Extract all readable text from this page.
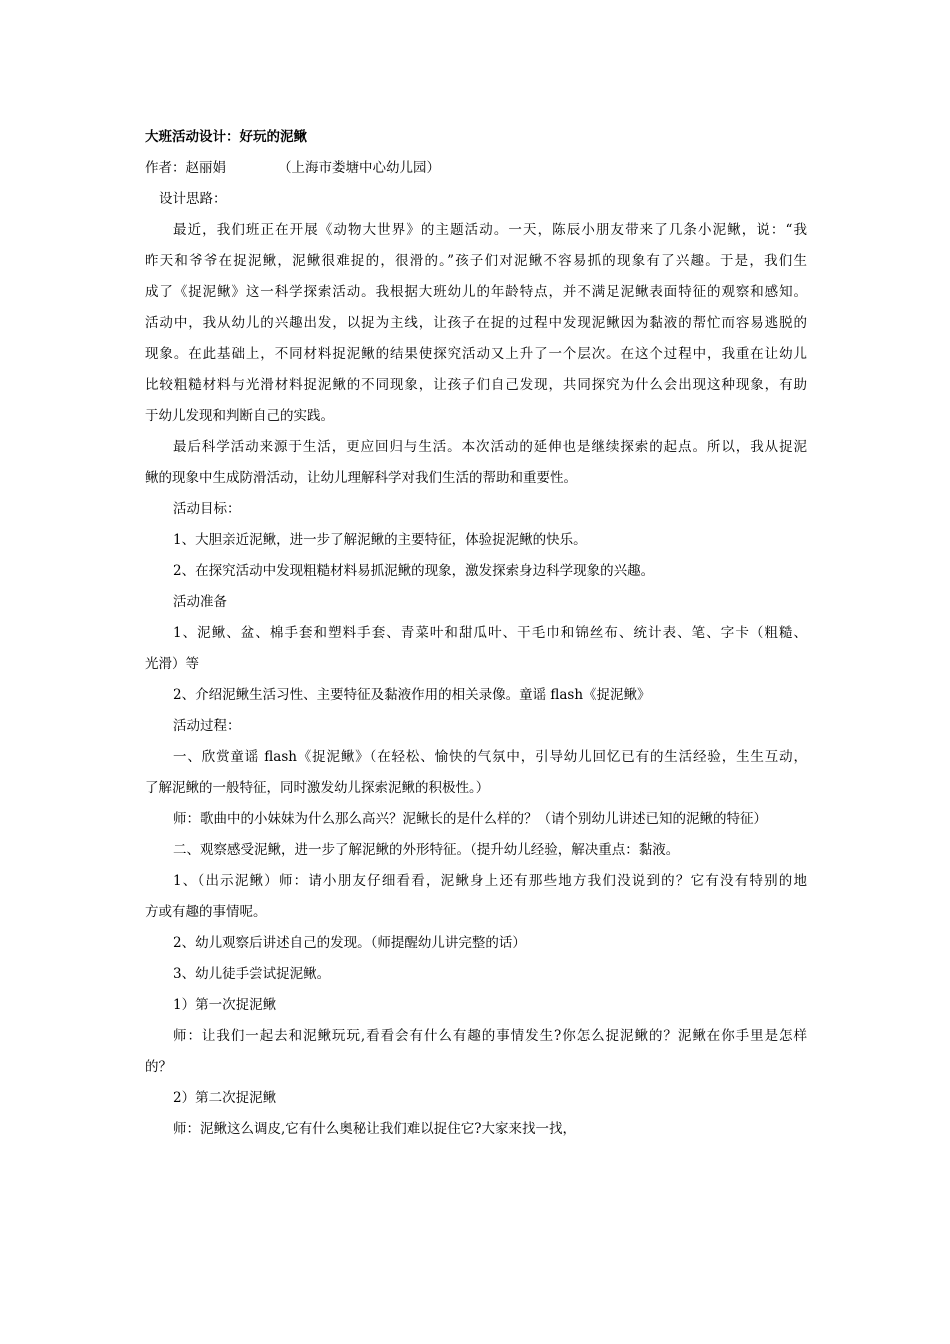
大班活动设计：好玩的泥鳅
作者：赵丽娟	（上海市娄塘中心幼儿园）
设计思路：
最近，我们班正在开展《动物大世界》的主题活动。一天，陈辰小朋友带来了几条小泥鳅，说：“我
昨天和爷爷在捉泥鳅，泥鳅很难捉的，很滑的。”孩子们对泥鳅不容易抓的现象有了兴趣。于是，我们生
成了《捉泥鳅》这一科学探索活动。我根据大班幼儿的年龄特点，并不满足泥鳅表面特征的观察和感知。
活动中，我从幼儿的兴趣出发，以捉为主线，让孩子在捉的过程中发现泥鳅因为黏液的帮忙而容易逃脱的
现象。在此基础上，不同材料捉泥鳅的结果使探究活动又上升了一个层次。在这个过程中，我重在让幼儿
比较粗糙材料与光滑材料捉泥鳅的不同现象，让孩子们自己发现，共同探究为什么会出现这种现象，有助
于幼儿发现和判断自己的实践。
最后科学活动来源于生活，更应回归与生活。本次活动的延伸也是继续探索的起点。所以，我从捉泥
鳅的现象中生成防滑活动，让幼儿理解科学对我们生活的帮助和重要性。
活动目标：
1、大胆亲近泥鳅，进一步了解泥鳅的主要特征，体验捉泥鳅的快乐。
2、在探究活动中发现粗糙材料易抓泥鳅的现象，激发探索身边科学现象的兴趣。
活动准备
1、泥鳅、盆、棉手套和塑料手套、青菜叶和甜瓜叶、干毛巾和锦丝布、统计表、笔、字卡（粗糙、
光滑）等
2、介绍泥鳅生活习性、主要特征及黏液作用的相关录像。童谣 flash《捉泥鳅》
活动过程：
一、欣赏童谣 flash《捉泥鳅》（在轻松、愉快的气氛中，引导幼儿回忆已有的生活经验，生生互动，
了解泥鳅的一般特征，同时激发幼儿探索泥鳅的积极性。）
师：歌曲中的小妹妹为什么那么高兴？泥鳅长的是什么样的？（请个别幼儿讲述已知的泥鳅的特征）
二、观察感受泥鳅，进一步了解泥鳅的外形特征。（提升幼儿经验，解决重点：黏液。
1、（出示泥鳅）师：请小朋友仔细看看，泥鳅身上还有那些地方我们没说到的？它有没有特别的地
方或有趣的事情呢。
2、幼儿观察后讲述自己的发现。（师提醒幼儿讲完整的话）
3、幼儿徒手尝试捉泥鳅。
1）第一次捉泥鳅
师：让我们一起去和泥鳅玩玩,看看会有什么有趣的事情发生?你怎么捉泥鳅的？泥鳅在你手里是怎样
的？
2）第二次捉泥鳅
师：泥鳅这么调皮,它有什么奥秘让我们难以捉住它?大家来找一找，
